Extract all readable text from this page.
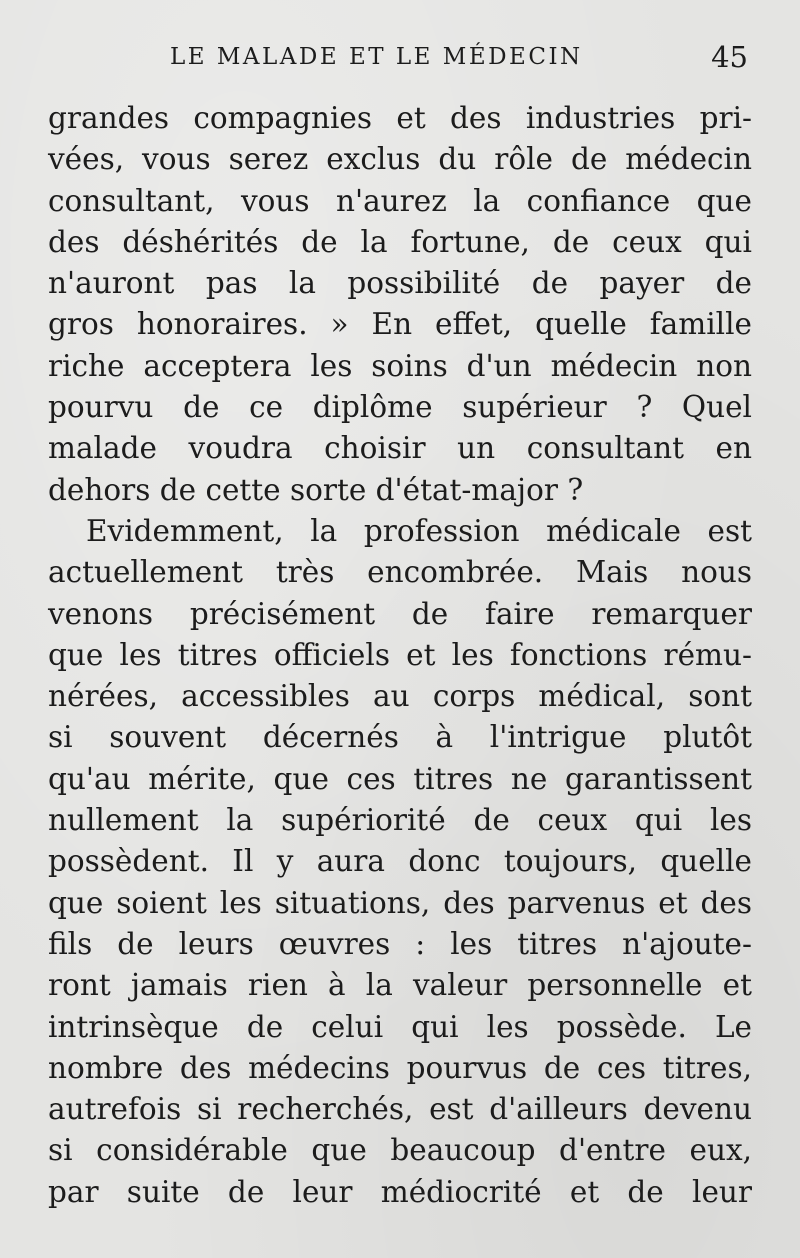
LE MALADE ET LE MÉDECIN	45
grandes compagnies et des industries pri-
vées, vous serez exclus du rôle de médecin
consultant, vous n'aurez la confiance que
des déshérités de la fortune, de ceux qui
n'auront pas la possibilité de payer de
gros honoraires. » En effet, quelle famille
riche acceptera les soins d'un médecin non
pourvu de ce diplôme supérieur ? Quel
malade voudra choisir un consultant en
dehors de cette sorte d'état-major ?
Evidemment, la profession médicale est
actuellement très encombrée. Mais nous
venons précisément de faire remarquer
que les titres officiels et les fonctions rému-
nérées, accessibles au corps médical, sont
si souvent décernés à l'intrigue plutôt
qu'au mérite, que ces titres ne garantissent
nullement la supériorité de ceux qui les
possèdent. Il y aura donc toujours, quelle
que soient les situations, des parvenus et des
fils de leurs œuvres : les titres n'ajoute-
ront jamais rien à la valeur personnelle et
intrinsèque de celui qui les possède. Le
nombre des médecins pourvus de ces titres,
autrefois si recherchés, est d'ailleurs devenu
si considérable que beaucoup d'entre eux,
par suite de leur médiocrité et de leur
